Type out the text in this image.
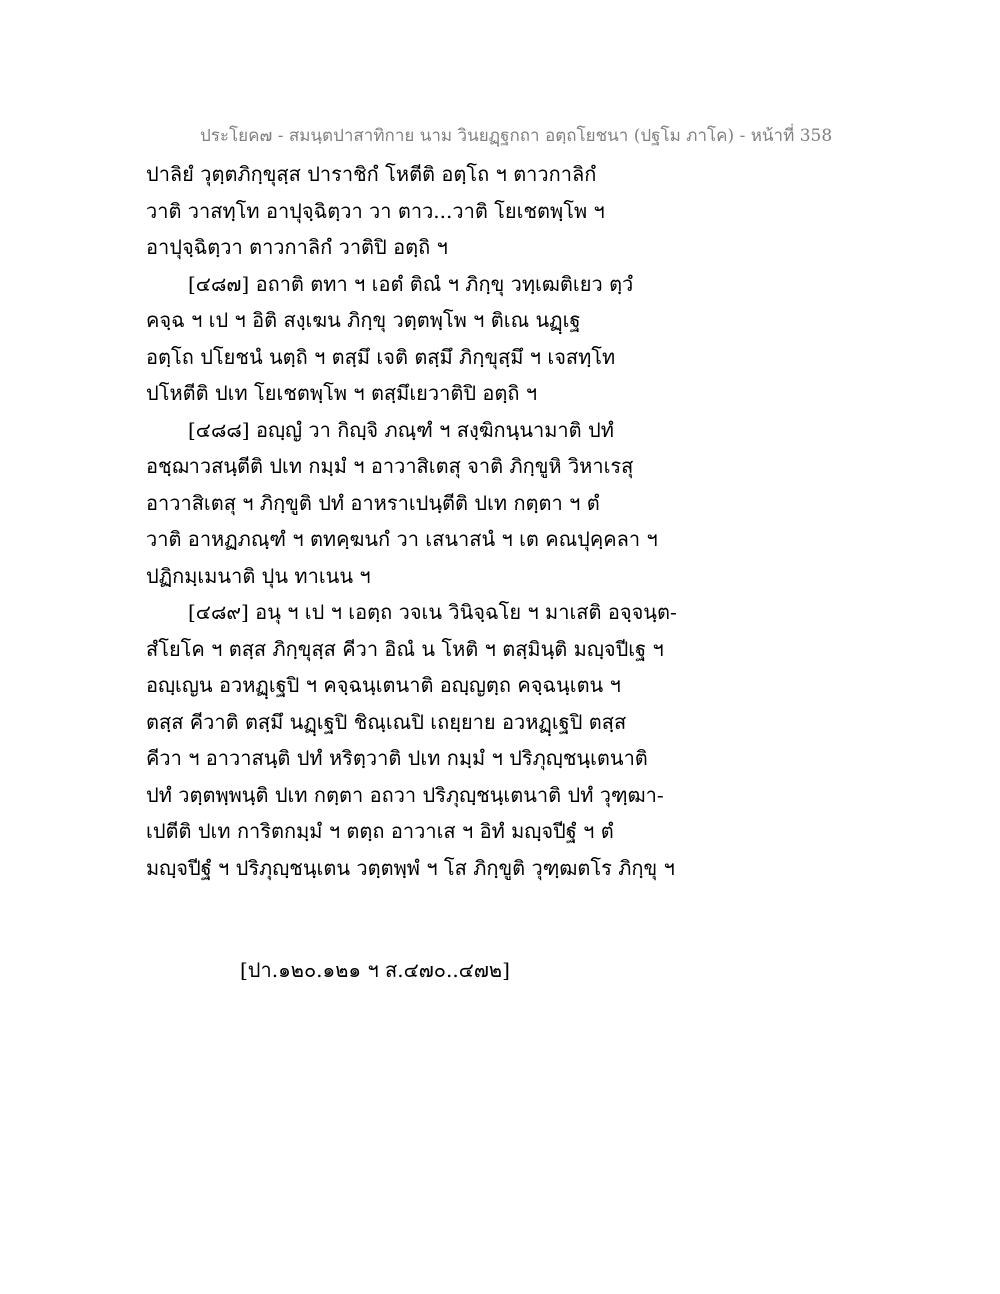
ประโยค๗ - สมนฺตปาสาทิกาย นาม วินยฏฺฐกถา อตฺถโยชนา (ปฐโม ภาโค) - หน้าที่ 358
ปาลิยํ วุตฺตภิกฺขุสฺส ปาราชิกํ โหตีติ อตฺโถ ฯ ตาวกาลิกํ
วาติ วาสทฺโท อาปุจฺฉิตฺวา วา ตาว...วาติ โยเชตพฺโพ ฯ
อาปุจฺฉิตฺวา ตาวกาลิกํ วาติปิ อตฺถิ ฯ
[๔๘๗] อถาติ ตทา ฯ เอตํ ติณํ ฯ ภิกฺขุ วทฺเฒติเยว ตฺวํ
คจฺฉ ฯ เป ฯ อิติ สงฺเฆน ภิกฺขุ วตฺตพฺโพ ฯ ติเณ นฏฺเฐ
อตฺโถ ปโยชนํ นตฺถิ ฯ ตสฺมึ เจติ ตสฺมึ ภิกฺขุสฺมึ ฯ เจสทฺโท
ปโหตีติ ปเท โยเชตพฺโพ ฯ ตสฺมึเยวาติปิ อตฺถิ ฯ
[๔๘๘] อญฺญํ วา กิญฺจิ ภณฺฑํ ฯ สงฺฆิกนฺนามาติ ปทํ
อชฺฌาวสนฺตีติ ปเท กมฺมํ ฯ อาวาสิเตสุ จาติ ภิกฺขูหิ วิหาเรสุ
อาวาสิเตสุ ฯ ภิกฺขูติ ปทํ อาหราเปนฺตีติ ปเท กตฺตา ฯ ตํ
วาติ อาหฏภณฺฑํ ฯ ตทคฺฆนกํ วา เสนาสนํ ฯ เต คณปุคฺคลา ฯ
ปฏิกมฺเมนาติ ปุน ทาเนน ฯ
[๔๘๙] อนุ ฯ เป ฯ เอตฺถ วจเน วินิจฺฉโย ฯ มาเสติ อจฺจนฺต-
สํโยโค ฯ ตสฺส ภิกฺขุสฺส คีวา อิณํ น โหติ ฯ ตสฺมินฺติ มญฺจปีเฐ ฯ
อญฺเญน อวหฏฺเฐปิ ฯ คจฺฉนฺเตนาติ อญฺญตฺถ คจฺฉนฺเตน ฯ
ตสฺส คีวาติ ตสฺมึ นฏฺเฐปิ ชิณฺเณปิ เถยฺยาย อวหฏฺเฐปิ ตสฺส
คีวา ฯ อาวาสนฺติ ปทํ หริตฺวาติ ปเท กมฺมํ ฯ ปริภุญฺชนฺเตนาติ
ปทํ วตฺตพฺพนฺติ ปเท กตฺตา อถวา ปริภุญฺชนฺเตนาติ ปทํ วุฑฺฒา-
เปตีติ ปเท การิตกมฺมํ ฯ ตตฺถ อาวาเส ฯ อิทํ มญฺจปีฐํ ฯ ตํ
มญฺจปีฐํ ฯ ปริภุญฺชนฺเตน วตฺตพฺพํ ฯ โส ภิกฺขูติ วุฑฺฒตโร ภิกฺขุ ฯ
[ปา.๑๒๐.๑๒๑ ฯ ส.๔๗๐..๔๗๒]
